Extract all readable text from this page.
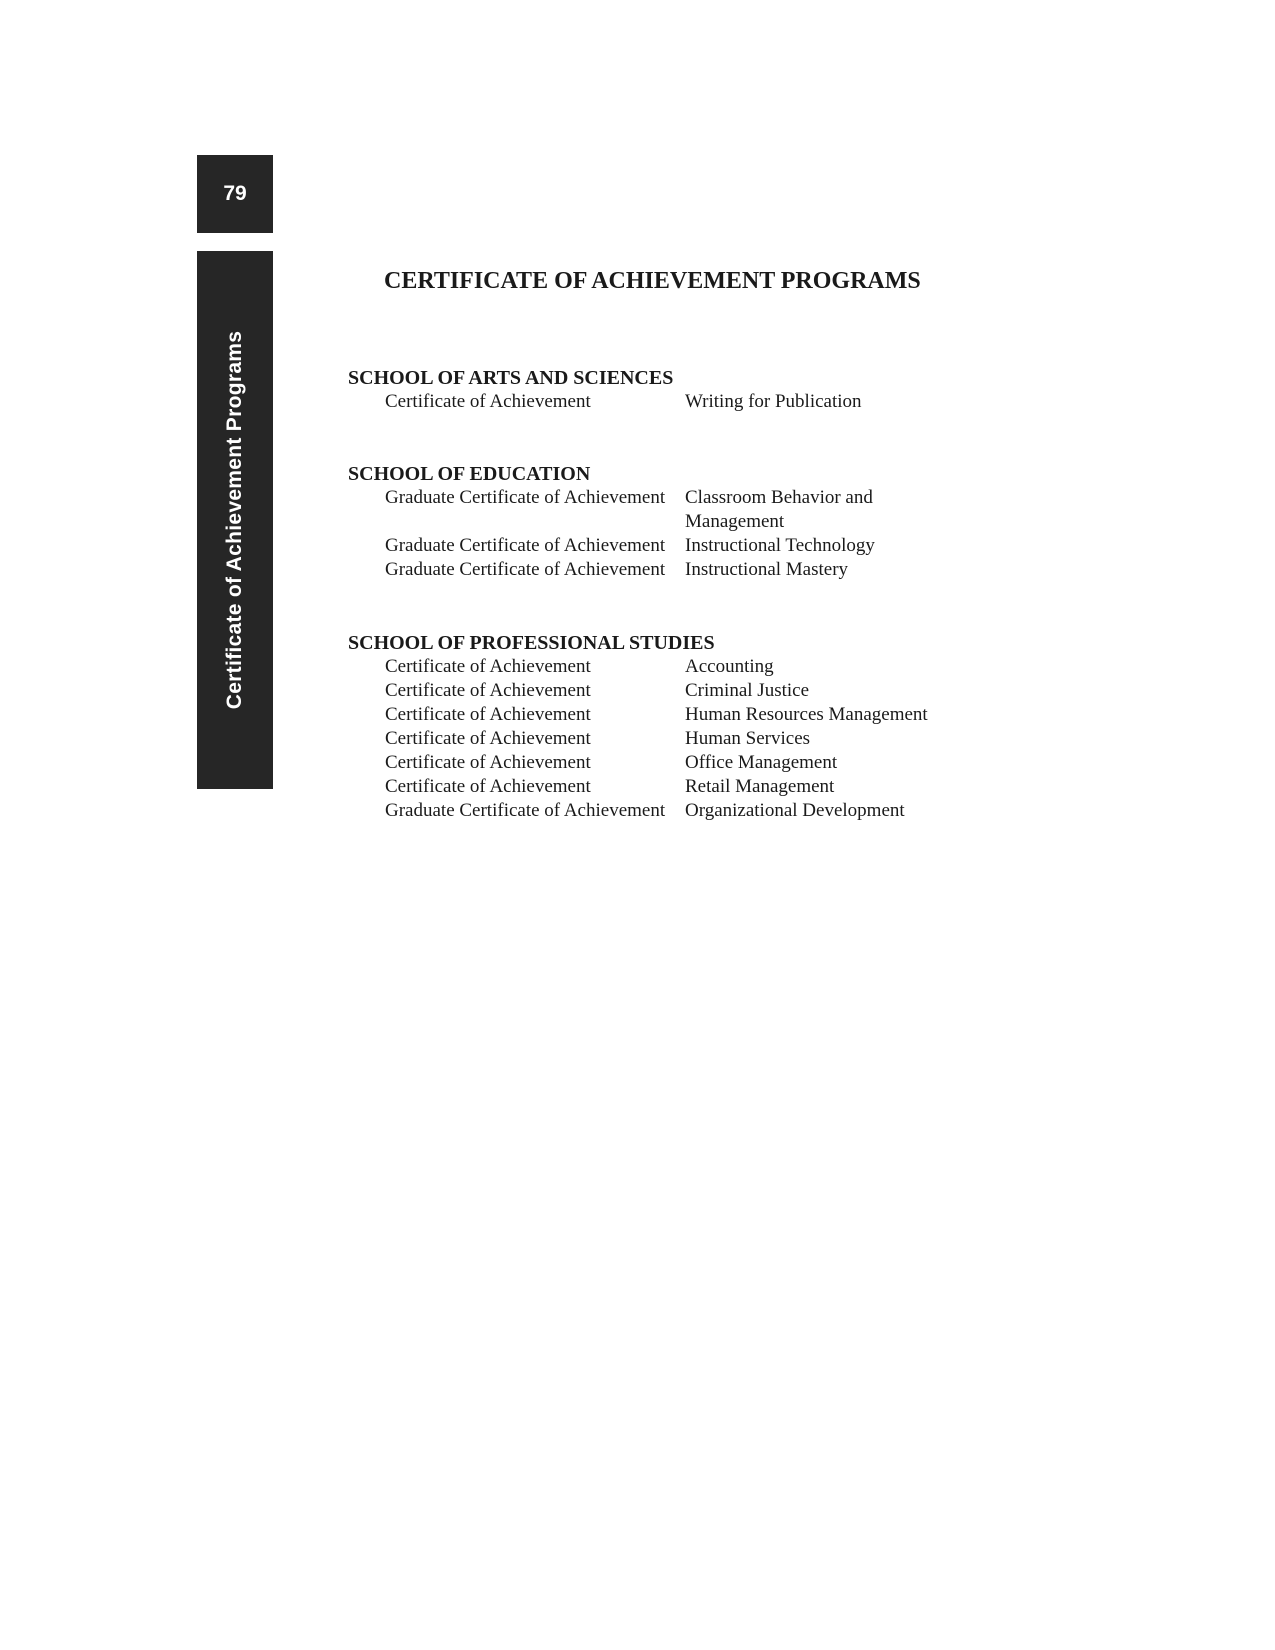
79
Certificate of Achievement Programs
CERTIFICATE OF ACHIEVEMENT PROGRAMS

SCHOOL OF ARTS AND SCIENCES

Certificate of Achievement	Writing for Publication

SCHOOL OF EDUCATION

Graduate Certificate of Achievement	Classroom Behavior and Management
Graduate Certificate of Achievement	Instructional Technology
Graduate Certificate of Achievement	Instructional Mastery

SCHOOL OF PROFESSIONAL STUDIES

Certificate of Achievement	Accounting
Certificate of Achievement	Criminal Justice
Certificate of Achievement	Human Resources Management
Certificate of Achievement	Human Services
Certificate of Achievement	Office Management
Certificate of Achievement	Retail Management
Graduate Certificate of Achievement	Organizational Development
